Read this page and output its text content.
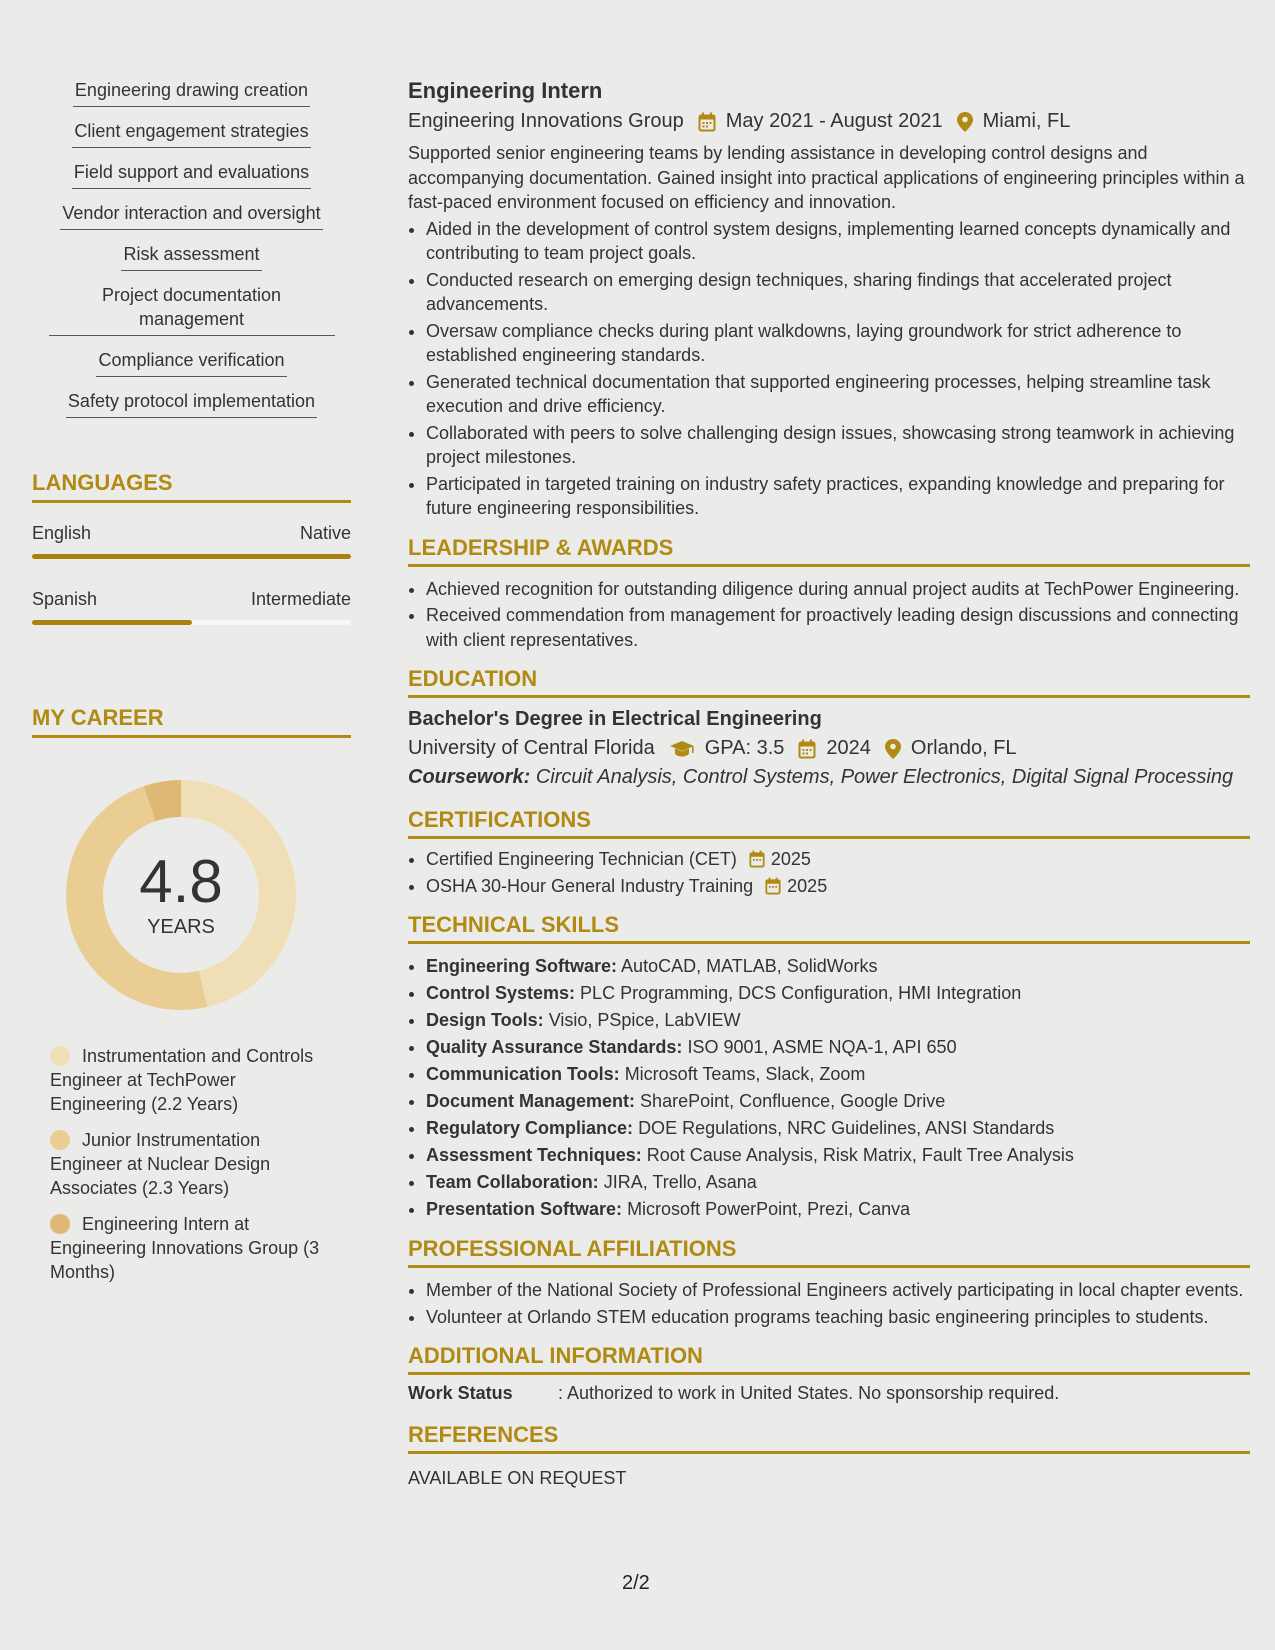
Engineering drawing creation
Client engagement strategies
Field support and evaluations
Vendor interaction and oversight
Risk assessment
Project documentation management
Compliance verification
Safety protocol implementation
LANGUAGES
English	Native
Spanish	Intermediate
MY CAREER
4.8
YEARS
Instrumentation and Controls Engineer at TechPower Engineering (2.2 Years)
Junior Instrumentation Engineer at Nuclear Design Associates (2.3 Years)
Engineering Intern at Engineering Innovations Group (3 Months)
Engineering Intern
Engineering Innovations Group May 2021 - August 2021 Miami, FL

Supported senior engineering teams by lending assistance in developing control designs and accompanying documentation. Gained insight into practical applications of engineering principles within a fast-paced environment focused on efficiency and innovation.

• Aided in the development of control system designs, implementing learned concepts dynamically and contributing to team project goals.
• Conducted research on emerging design techniques, sharing findings that accelerated project advancements.
• Oversaw compliance checks during plant walkdowns, laying groundwork for strict adherence to established engineering standards.
• Generated technical documentation that supported engineering processes, helping streamline task execution and drive efficiency.
• Collaborated with peers to solve challenging design issues, showcasing strong teamwork in achieving project milestones.
• Participated in targeted training on industry safety practices, expanding knowledge and preparing for future engineering responsibilities.
LEADERSHIP & AWARDS
• Achieved recognition for outstanding diligence during annual project audits at TechPower Engineering.
• Received commendation from management for proactively leading design discussions and connecting with client representatives.
EDUCATION
Bachelor's Degree in Electrical Engineering
University of Central Florida	GPA: 3.5 2024 Orlando, FL
Coursework: Circuit Analysis, Control Systems, Power Electronics, Digital Signal Processing
CERTIFICATIONS
• Certified Engineering Technician (CET) 2025
• OSHA 30-Hour General Industry Training 2025
TECHNICAL SKILLS
• Engineering Software: AutoCAD, MATLAB, SolidWorks
• Control Systems: PLC Programming, DCS Configuration, HMI Integration
• Design Tools: Visio, PSpice, LabVIEW
• Quality Assurance Standards: ISO 9001, ASME NQA-1, API 650
• Communication Tools: Microsoft Teams, Slack, Zoom
• Document Management: SharePoint, Confluence, Google Drive
• Regulatory Compliance: DOE Regulations, NRC Guidelines, ANSI Standards
• Assessment Techniques: Root Cause Analysis, Risk Matrix, Fault Tree Analysis
• Team Collaboration: JIRA, Trello, Asana
• Presentation Software: Microsoft PowerPoint, Prezi, Canva
PROFESSIONAL AFFILIATIONS
• Member of the National Society of Professional Engineers actively participating in local chapter events.
• Volunteer at Orlando STEM education programs teaching basic engineering principles to students.
ADDITIONAL INFORMATION
Work Status	: Authorized to work in United States. No sponsorship required.
REFERENCES
AVAILABLE ON REQUEST
2/2
